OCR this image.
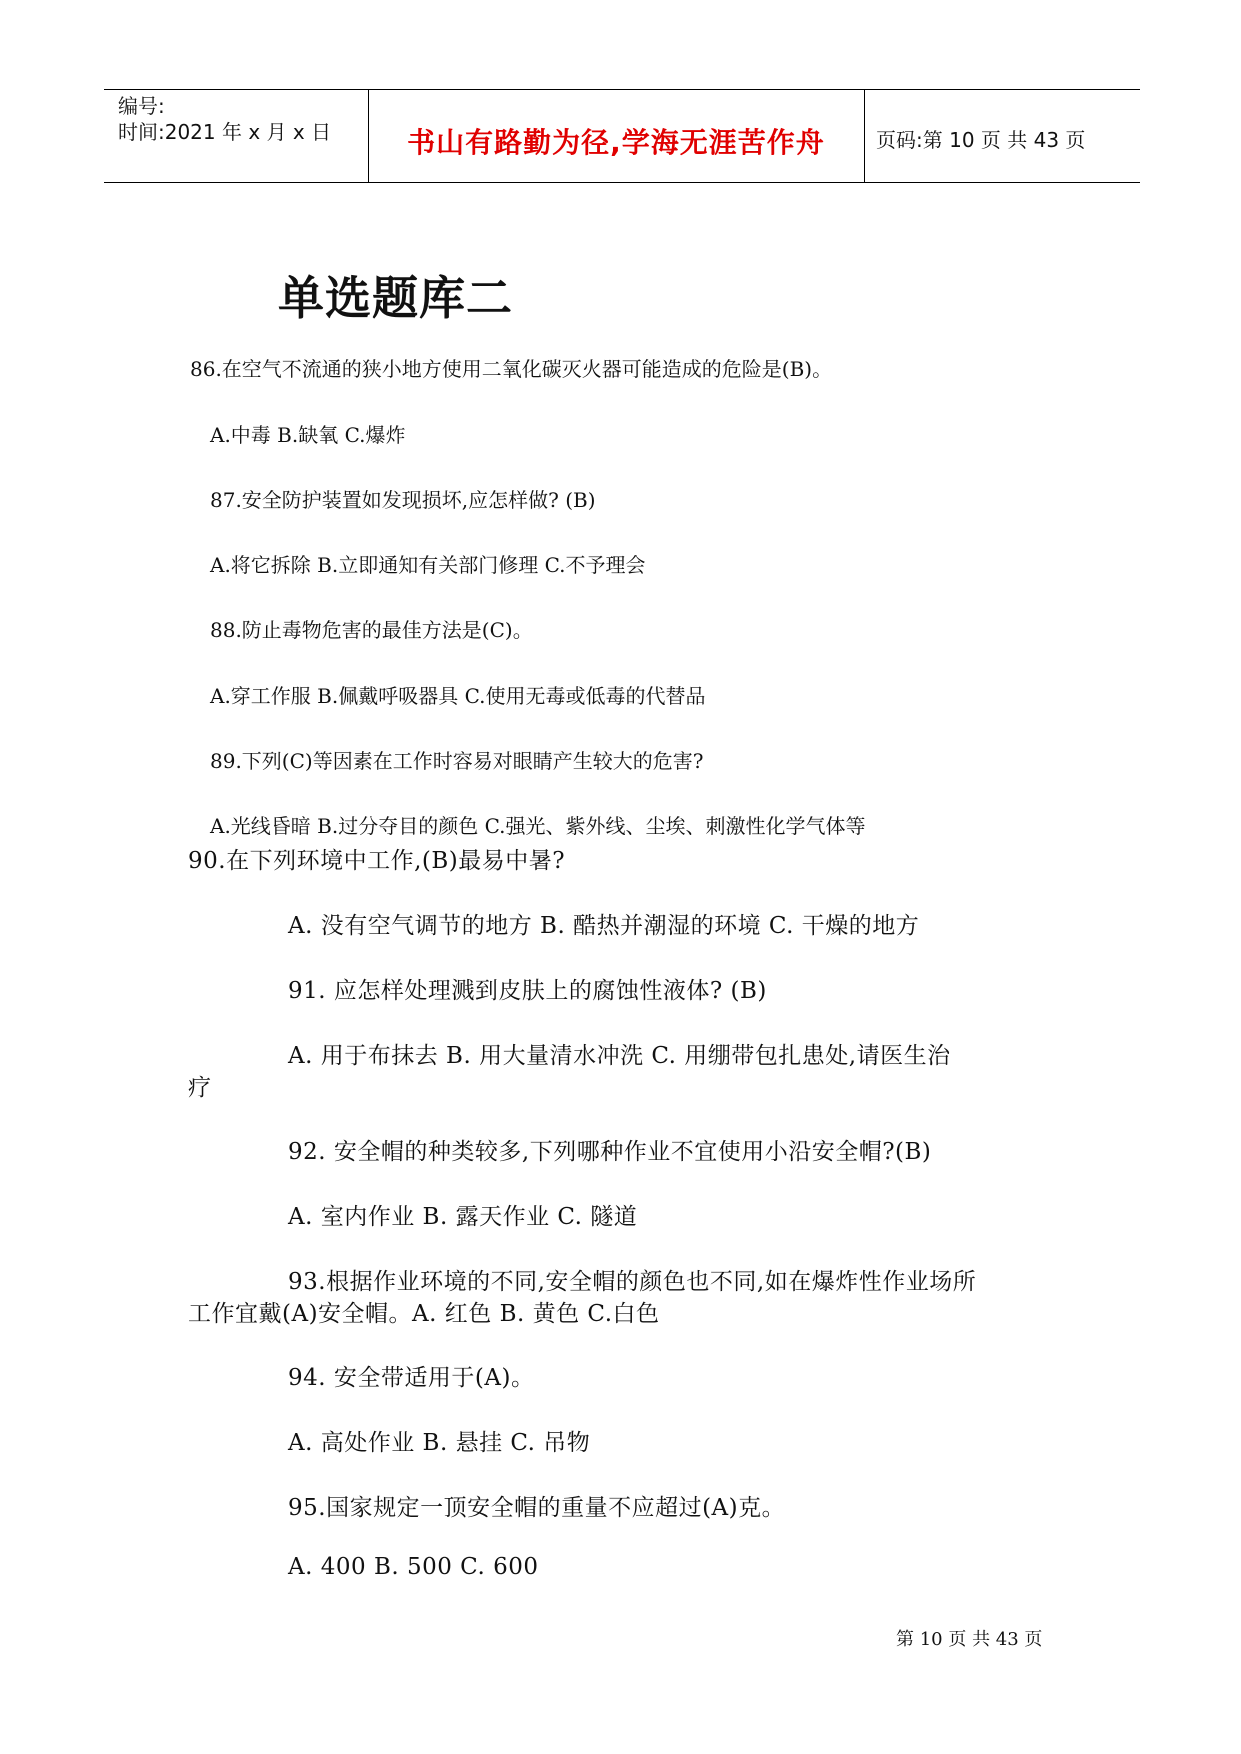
编号:
时间:2021 年 x 月 x 日	书山有路勤为径,学海无涯苦作舟	页码:第 10 页 共 43 页
单选题库二
86.在空气不流通的狭小地方使用二氧化碳灭火器可能造成的危险是(B)。
A.中毒 B.缺氧 C.爆炸
87.安全防护装置如发现损坏,应怎样做? (B)
A.将它拆除 B.立即通知有关部门修理 C.不予理会
88.防止毒物危害的最佳方法是(C)。
A.穿工作服 B.佩戴呼吸器具 C.使用无毒或低毒的代替品
89.下列(C)等因素在工作时容易对眼睛产生较大的危害?
A.光线昏暗 B.过分夺目的颜色 C.强光、紫外线、尘埃、刺激性化学气体等
90.在下列环境中工作,(B)最易中暑?
A. 没有空气调节的地方 B. 酷热并潮湿的环境 C. 干燥的地方
91. 应怎样处理溅到皮肤上的腐蚀性液体? (B)
A. 用于布抹去 B. 用大量清水冲洗 C. 用绷带包扎患处,请医生治
疗
92. 安全帽的种类较多,下列哪种作业不宜使用小沿安全帽?(B)
A. 室内作业 B. 露天作业 C. 隧道
93.根据作业环境的不同,安全帽的颜色也不同,如在爆炸性作业场所
工作宜戴(A)安全帽。A. 红色 B. 黄色 C.白色
94. 安全带适用于(A)。
A. 高处作业 B. 悬挂 C. 吊物
95.国家规定一顶安全帽的重量不应超过(A)克。
A. 400 B. 500 C. 600
第 10 页 共 43 页
